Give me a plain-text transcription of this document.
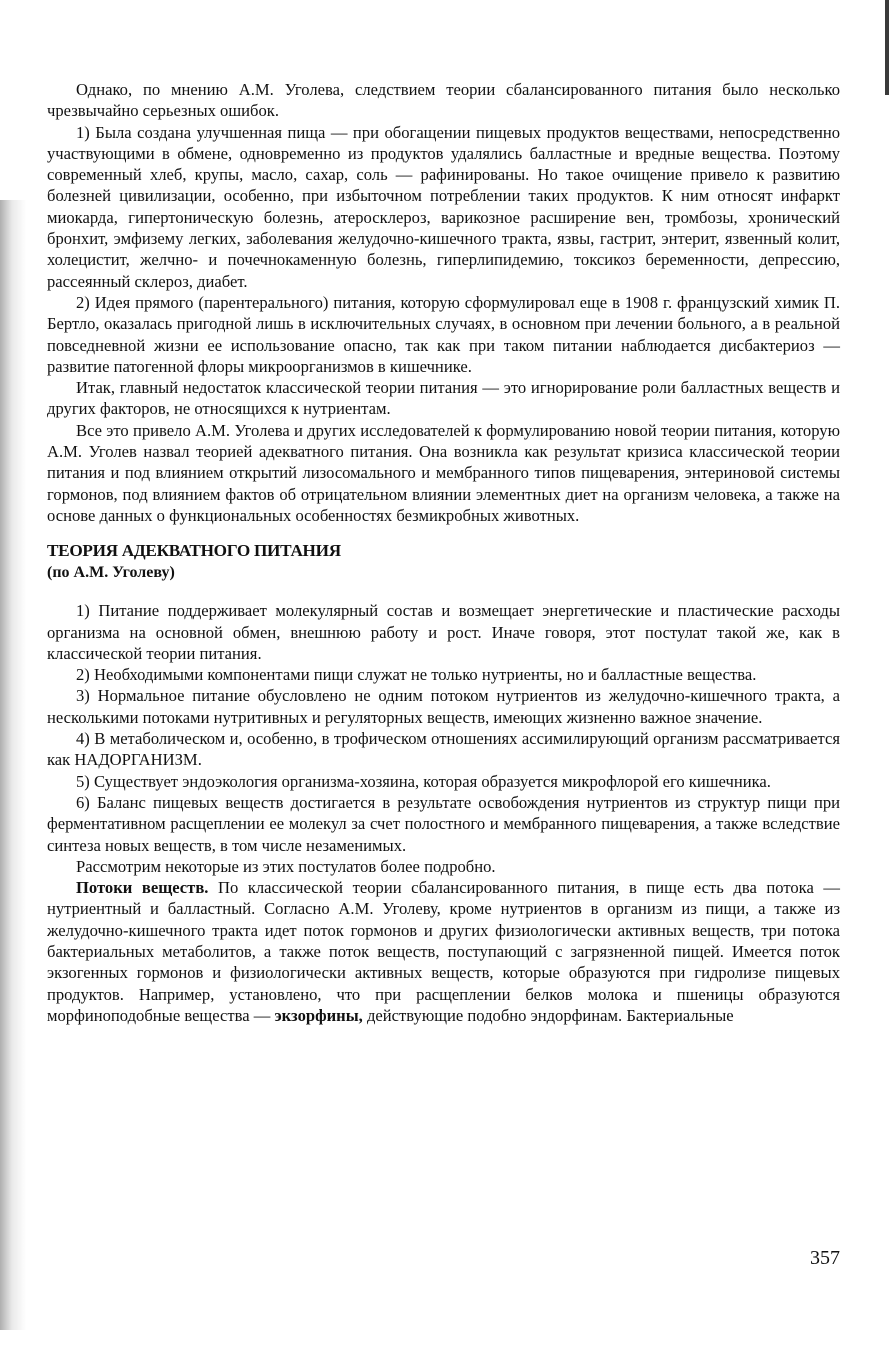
Однако, по мнению А.М. Уголева, следствием теории сбалансированного питания было несколько чрезвычайно серьезных ошибок.

1) Была создана улучшенная пища — при обогащении пищевых продуктов веществами, непосредственно участвующими в обмене, одновременно из продуктов удалялись балластные и вредные вещества. Поэтому современный хлеб, крупы, масло, сахар, соль — рафинированы. Но такое очищение привело к развитию болезней цивилизации, особенно, при избыточном потреблении таких продуктов. К ним относят инфаркт миокарда, гипертоническую болезнь, атеросклероз, варикозное расширение вен, тромбозы, хронический бронхит, эмфизему легких, заболевания желудочно-кишечного тракта, язвы, гастрит, энтерит, язвенный колит, холецистит, желчно- и почечнокаменную болезнь, гиперлипидемию, токсикоз беременности, депрессию, рассеянный склероз, диабет.

2) Идея прямого (парентерального) питания, которую сформулировал еще в 1908 г. французский химик П. Бертло, оказалась пригодной лишь в исключительных случаях, в основном при лечении больного, а в реальной повседневной жизни ее использование опасно, так как при таком питании наблюдается дисбактериоз — развитие патогенной флоры микроорганизмов в кишечнике.

Итак, главный недостаток классической теории питания — это игнорирование роли балластных веществ и других факторов, не относящихся к нутриентам.

Все это привело А.М. Уголева и других исследователей к формулированию новой теории питания, которую А.М. Уголев назвал теорией адекватного питания. Она возникла как результат кризиса классической теории питания и под влиянием открытий лизосомального и мембранного типов пищеварения, энтериновой системы гормонов, под влиянием фактов об отрицательном влиянии элементных диет на организм человека, а также на основе данных о функциональных особенностях безмикробных животных.

ТЕОРИЯ АДЕКВАТНОГО ПИТАНИЯ
(по А.М. Уголеву)

1) Питание поддерживает молекулярный состав и возмещает энергетические и пластические расходы организма на основной обмен, внешнюю работу и рост. Иначе говоря, этот постулат такой же, как в классической теории питания.

2) Необходимыми компонентами пищи служат не только нутриенты, но и балластные вещества.

3) Нормальное питание обусловлено не одним потоком нутриентов из желудочно-кишечного тракта, а несколькими потоками нутритивных и регуляторных веществ, имеющих жизненно важное значение.

4) В метаболическом и, особенно, в трофическом отношениях ассимилирующий организм рассматривается как НАДОРГАНИЗМ.

5) Существует эндоэкология организма-хозяина, которая образуется микрофлорой его кишечника.

6) Баланс пищевых веществ достигается в результате освобождения нутриентов из структур пищи при ферментативном расщеплении ее молекул за счет полостного и мембранного пищеварения, а также вследствие синтеза новых веществ, в том числе незаменимых.

Рассмотрим некоторые из этих постулатов более подробно.

Потоки веществ. По классической теории сбалансированного питания, в пище есть два потока — нутриентный и балластный. Согласно А.М. Уголеву, кроме нутриентов в организм из пищи, а также из желудочно-кишечного тракта идет поток гормонов и других физиологически активных веществ, три потока бактериальных метаболитов, а также поток веществ, поступающий с загрязненной пищей. Имеется поток экзогенных гормонов и физиологически активных веществ, которые образуются при гидролизе пищевых продуктов. Например, установлено, что при расщеплении белков молока и пшеницы образуются морфиноподобные вещества — экзорфины, действующие подобно эндорфинам. Бактериальные

357
